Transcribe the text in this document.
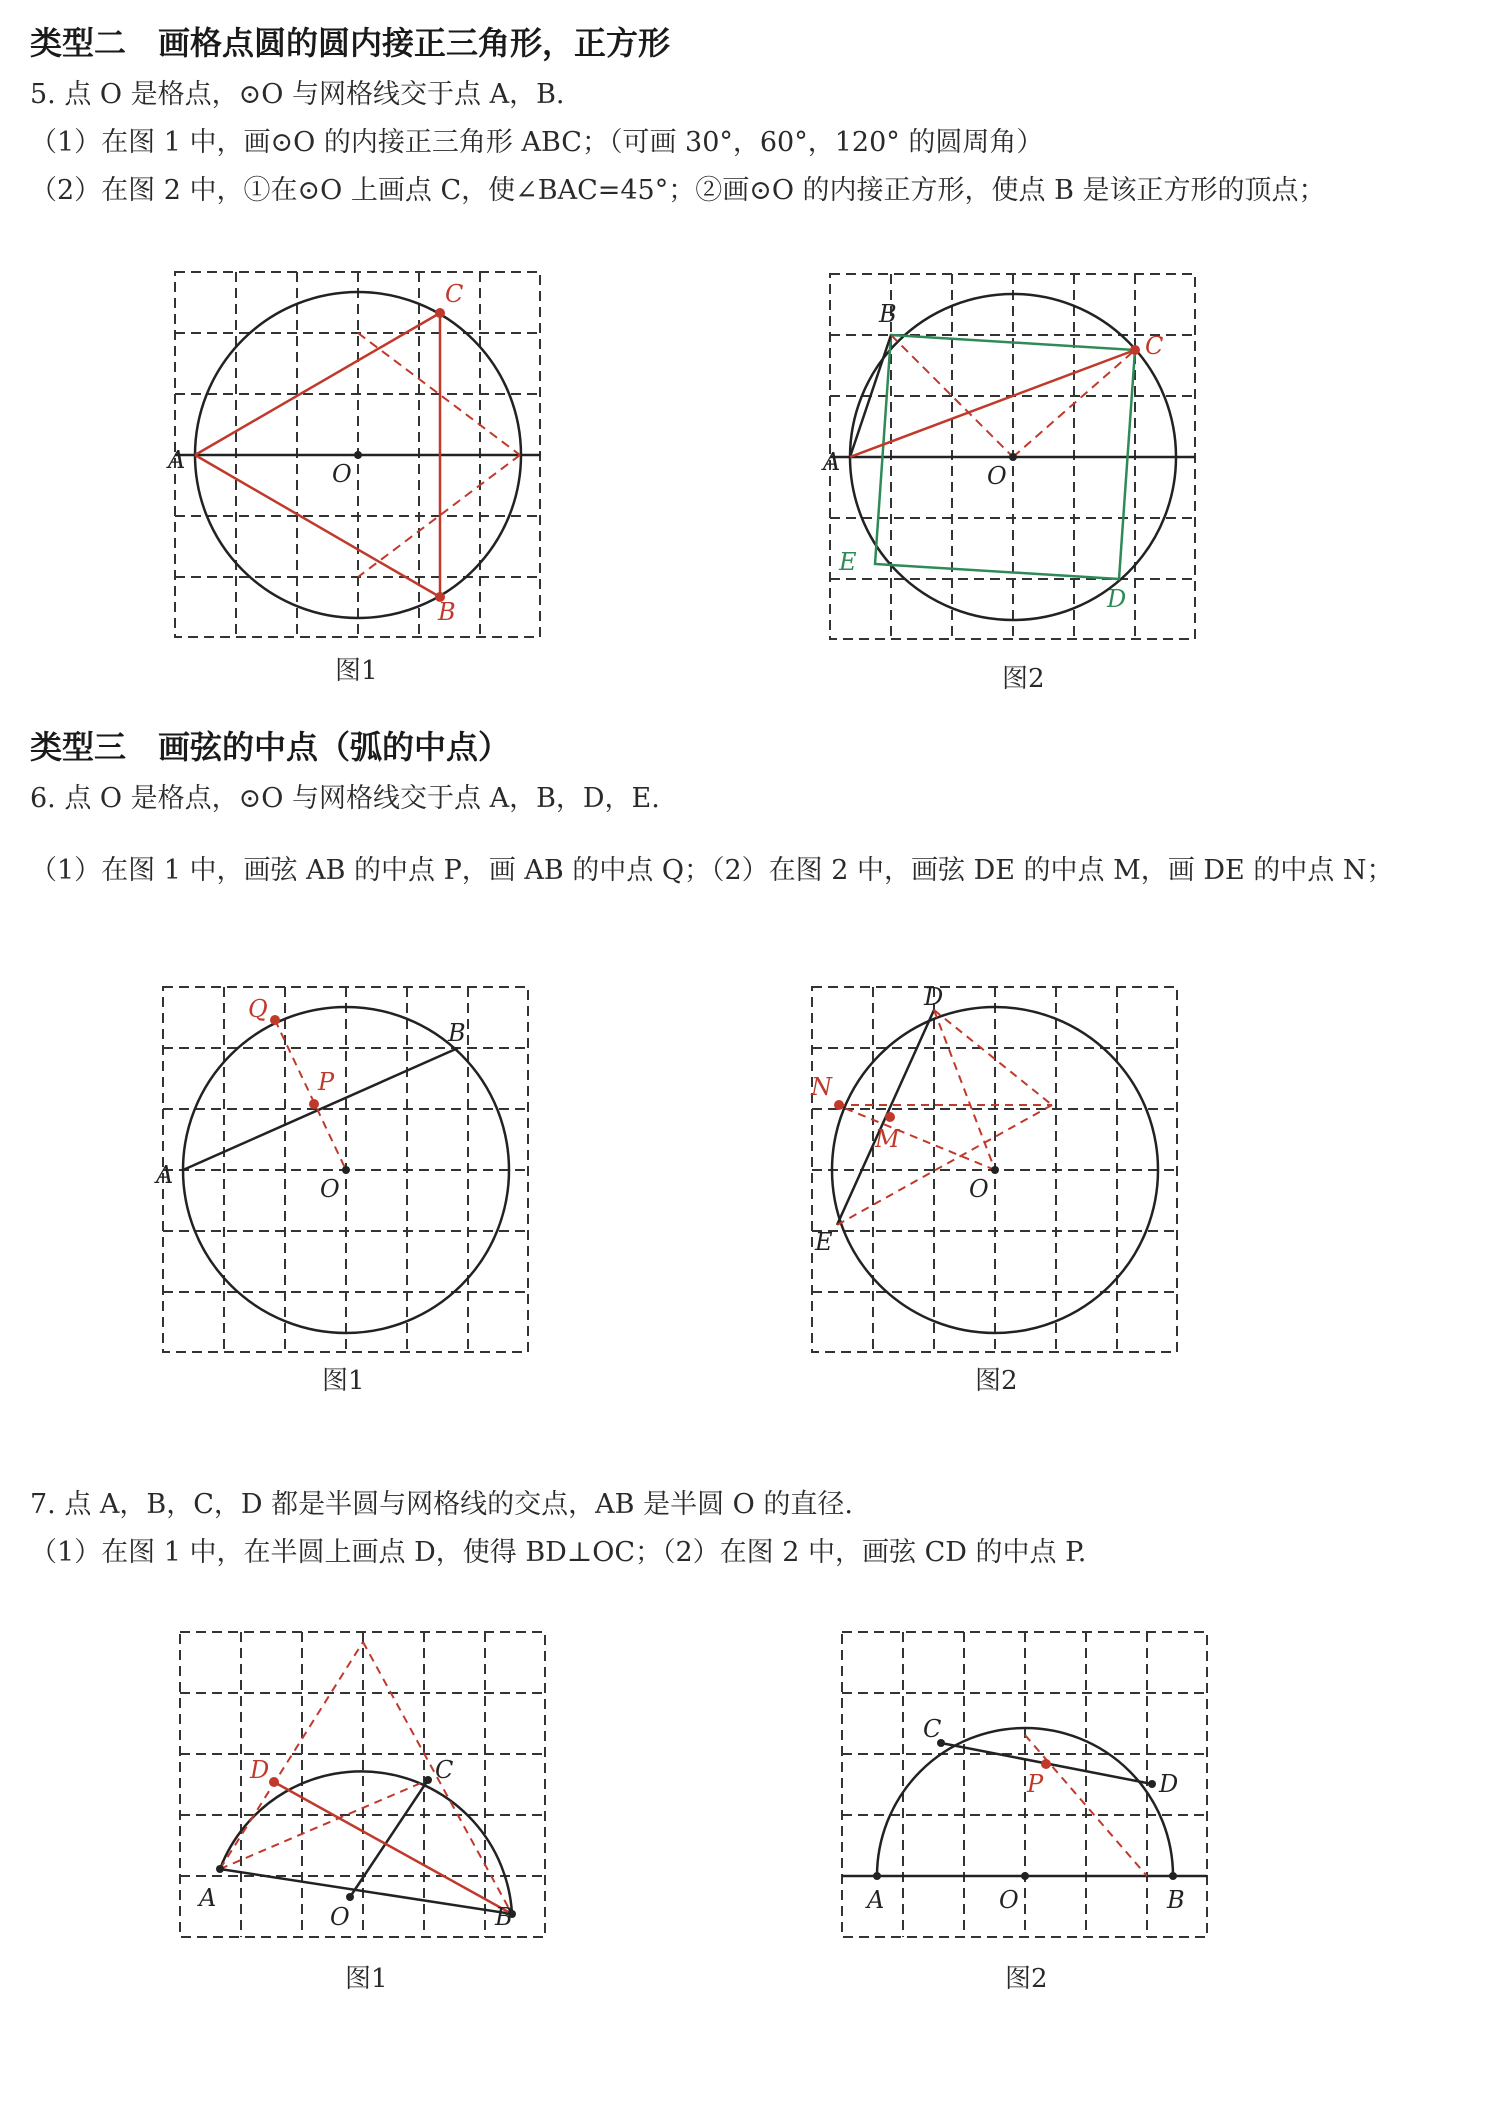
类型二　画格点圆的圆内接正三角形，正方形
5. 点 O 是格点，⊙O 与网格线交于点 A，B.
（1）在图 1 中，画⊙O 的内接正三角形 ABC；（可画 30°，60°，120° 的圆周角）
（2）在图 2 中，①在⊙O 上画点 C，使∠BAC=45°；②画⊙O 的内接正方形，使点 B 是该正方形的顶点；
A	O
C
B
图1
A
B
C
O
E
D
图2
类型三　画弦的中点（弧的中点）
6. 点 O 是格点，⊙O 与网格线交于点 A，B，D，E.
（1）在图 1 中，画弦 AB 的中点 P，画 AB 的中点 Q；（2）在图 2 中，画弦 DE 的中点 M，画 DE 的中点 N；
Q
P
B
A	O
图1
D
N
M
E
O
图2
7. 点 A，B，C，D 都是半圆与网格线的交点，AB 是半圆 O 的直径.
（1）在图 1 中，在半圆上画点 D，使得 BD⊥OC；（2）在图 2 中，画弦 CD 的中点 P.
D	C
A
O	B
图1
C
D
P
A	O	B
图2
